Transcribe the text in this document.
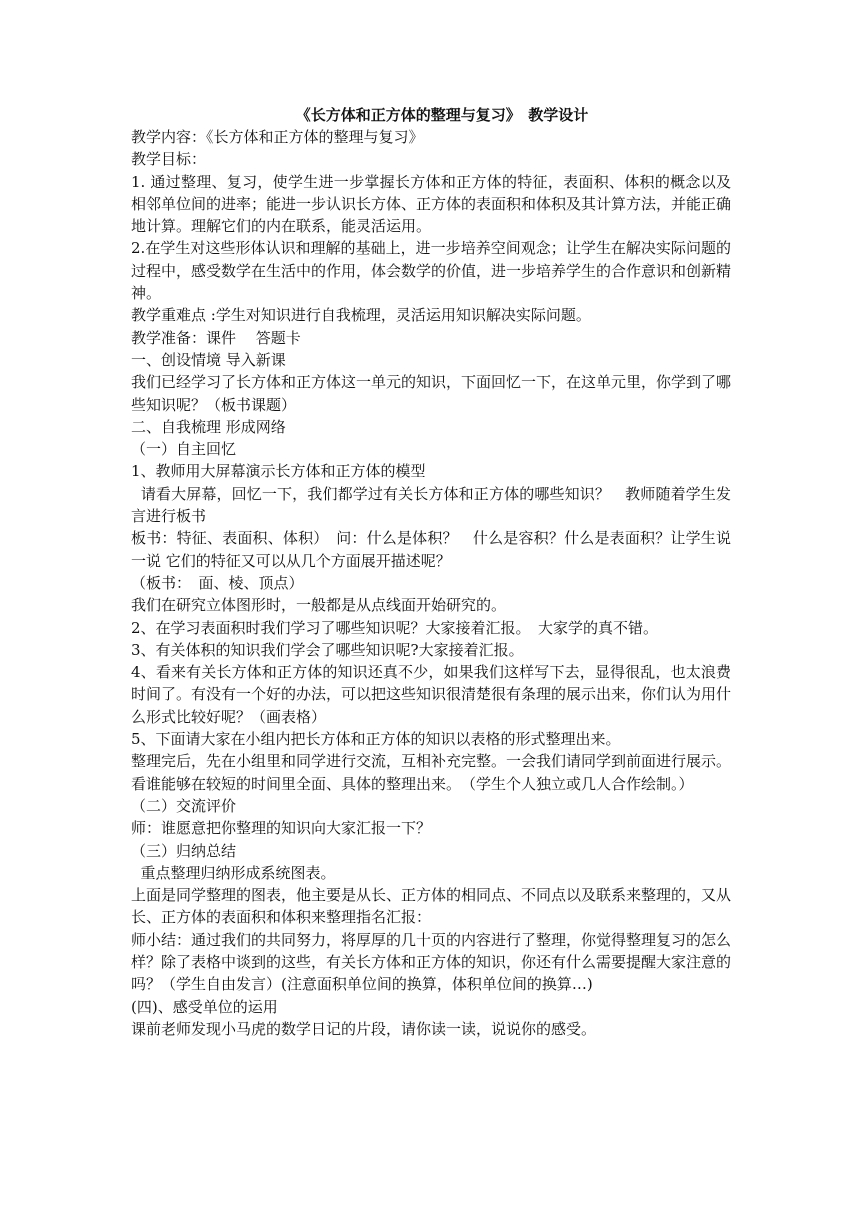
《长方体和正方体的整理与复习》　教学设计

教学内容：《长方体和正方体的整理与复习》

教学目标：

1. 通过整理、复习，使学生进一步掌握长方体和正方体的特征，表面积、体积的概念以及相邻单位间的进率；能进一步认识长方体、正方体的表面积和体积及其计算方法，并能正确地计算。理解它们的内在联系，能灵活运用。

2.在学生对这些形体认识和理解的基础上，进一步培养空间观念；让学生在解决实际问题的过程中，感受数学在生活中的作用，体会数学的价值，进一步培养学生的合作意识和创新精神。

教学重难点 :学生对知识进行自我梳理，灵活运用知识解决实际问题。

教学准备：课件　 答题卡

一、创设情境 导入新课

我们已经学习了长方体和正方体这一单元的知识，下面回忆一下，在这单元里，你学到了哪些知识呢？（板书课题）

二、自我梳理 形成网络

（一）自主回忆

1、教师用大屏幕演示长方体和正方体的模型

请看大屏幕，回忆一下，我们都学过有关长方体和正方体的哪些知识？　教师随着学生发言进行板书

板书：特征、表面积、体积）　问：什么是体积？　什么是容积？什么是表面积？让学生说一说 它们的特征又可以从几个方面展开描述呢？

（板书：　面、棱、顶点）

我们在研究立体图形时，一般都是从点线面开始研究的。

2、在学习表面积时我们学习了哪些知识呢？大家接着汇报。　大家学的真不错。

3、有关体积的知识我们学会了哪些知识呢?大家接着汇报。

4、看来有关长方体和正方体的知识还真不少，如果我们这样写下去，显得很乱，也太浪费时间了。有没有一个好的办法，可以把这些知识很清楚很有条理的展示出来，你们认为用什么形式比较好呢？（画表格）

5、下面请大家在小组内把长方体和正方体的知识以表格的形式整理出来。

整理完后，先在小组里和同学进行交流，互相补充完整。一会我们请同学到前面进行展示。看谁能够在较短的时间里全面、具体的整理出来。　（学生个人独立或几人合作绘制。）

（二）交流评价

师：谁愿意把你整理的知识向大家汇报一下？

（三）归纳总结

重点整理归纳形成系统图表。

上面是同学整理的图表，他主要是从长、正方体的相同点、不同点以及联系来整理的，又从长、正方体的表面积和体积来整理指名汇报：

师小结：通过我们的共同努力，将厚厚的几十页的内容进行了整理，你觉得整理复习的怎么样？除了表格中谈到的这些，有关长方体和正方体的知识，你还有什么需要提醒大家注意的吗？（学生自由发言）(注意面积单位间的换算，体积单位间的换算…)

(四)、感受单位的运用

课前老师发现小马虎的数学日记的片段，请你读一读，说说你的感受。
